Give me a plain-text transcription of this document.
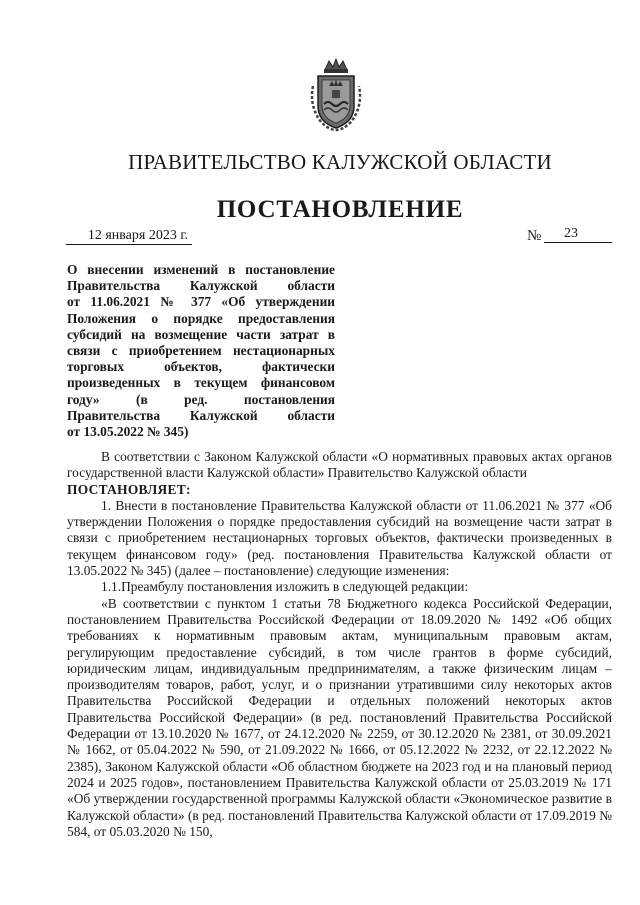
ПРАВИТЕЛЬСТВО КАЛУЖСКОЙ ОБЛАСТИ
ПОСТАНОВЛЕНИЕ
12 января 2023 г.	№	23
О внесении изменений в постановление
Правительства Калужской области
от 11.06.2021 № 377 «Об утверждении
Положения о порядке предоставления
субсидий на возмещение части затрат в
связи с приобретением нестационарных
торговых объектов, фактически
произведенных в текущем финансовом
году» (в ред. постановления
Правительства Калужской области
от 13.05.2022 № 345)

В соответствии с Законом Калужской области «О нормативных правовых актах органов государственной власти Калужской области» Правительство Калужской области

ПОСТАНОВЛЯЕТ:

1. Внести в постановление Правительства Калужской области от 11.06.2021 № 377 «Об утверждении Положения о порядке предоставления субсидий на возмещение части затрат в связи с приобретением нестационарных торговых объектов, фактически произведенных в текущем финансовом году» (ред. постановления Правительства Калужской области от 13.05.2022 № 345) (далее – постановление) следующие изменения:

1.1.Преамбулу постановления изложить в следующей редакции:

«В соответствии с пунктом 1 статьи 78 Бюджетного кодекса Российской Федерации, постановлением Правительства Российской Федерации от 18.09.2020 № 1492 «Об общих требованиях к нормативным правовым актам, муниципальным правовым актам, регулирующим предоставление субсидий, в том числе грантов в форме субсидий, юридическим лицам, индивидуальным предпринимателям, а также физическим лицам – производителям товаров, работ, услуг, и о признании утратившими силу некоторых актов Правительства Российской Федерации и отдельных положений некоторых актов Правительства Российской Федерации» (в ред. постановлений Правительства Российской Федерации от 13.10.2020 № 1677, от 24.12.2020 № 2259, от 30.12.2020 № 2381, от 30.09.2021 № 1662, от 05.04.2022 № 590, от 21.09.2022 № 1666, от 05.12.2022 № 2232, от 22.12.2022 № 2385), Законом Калужской области «Об областном бюджете на 2023 год и на плановый период 2024 и 2025 годов», постановлением Правительства Калужской области от 25.03.2019 № 171 «Об утверждении государственной программы Калужской области «Экономическое развитие в Калужской области» (в ред. постановлений Правительства Калужской области от 17.09.2019 № 584, от 05.03.2020 № 150,
